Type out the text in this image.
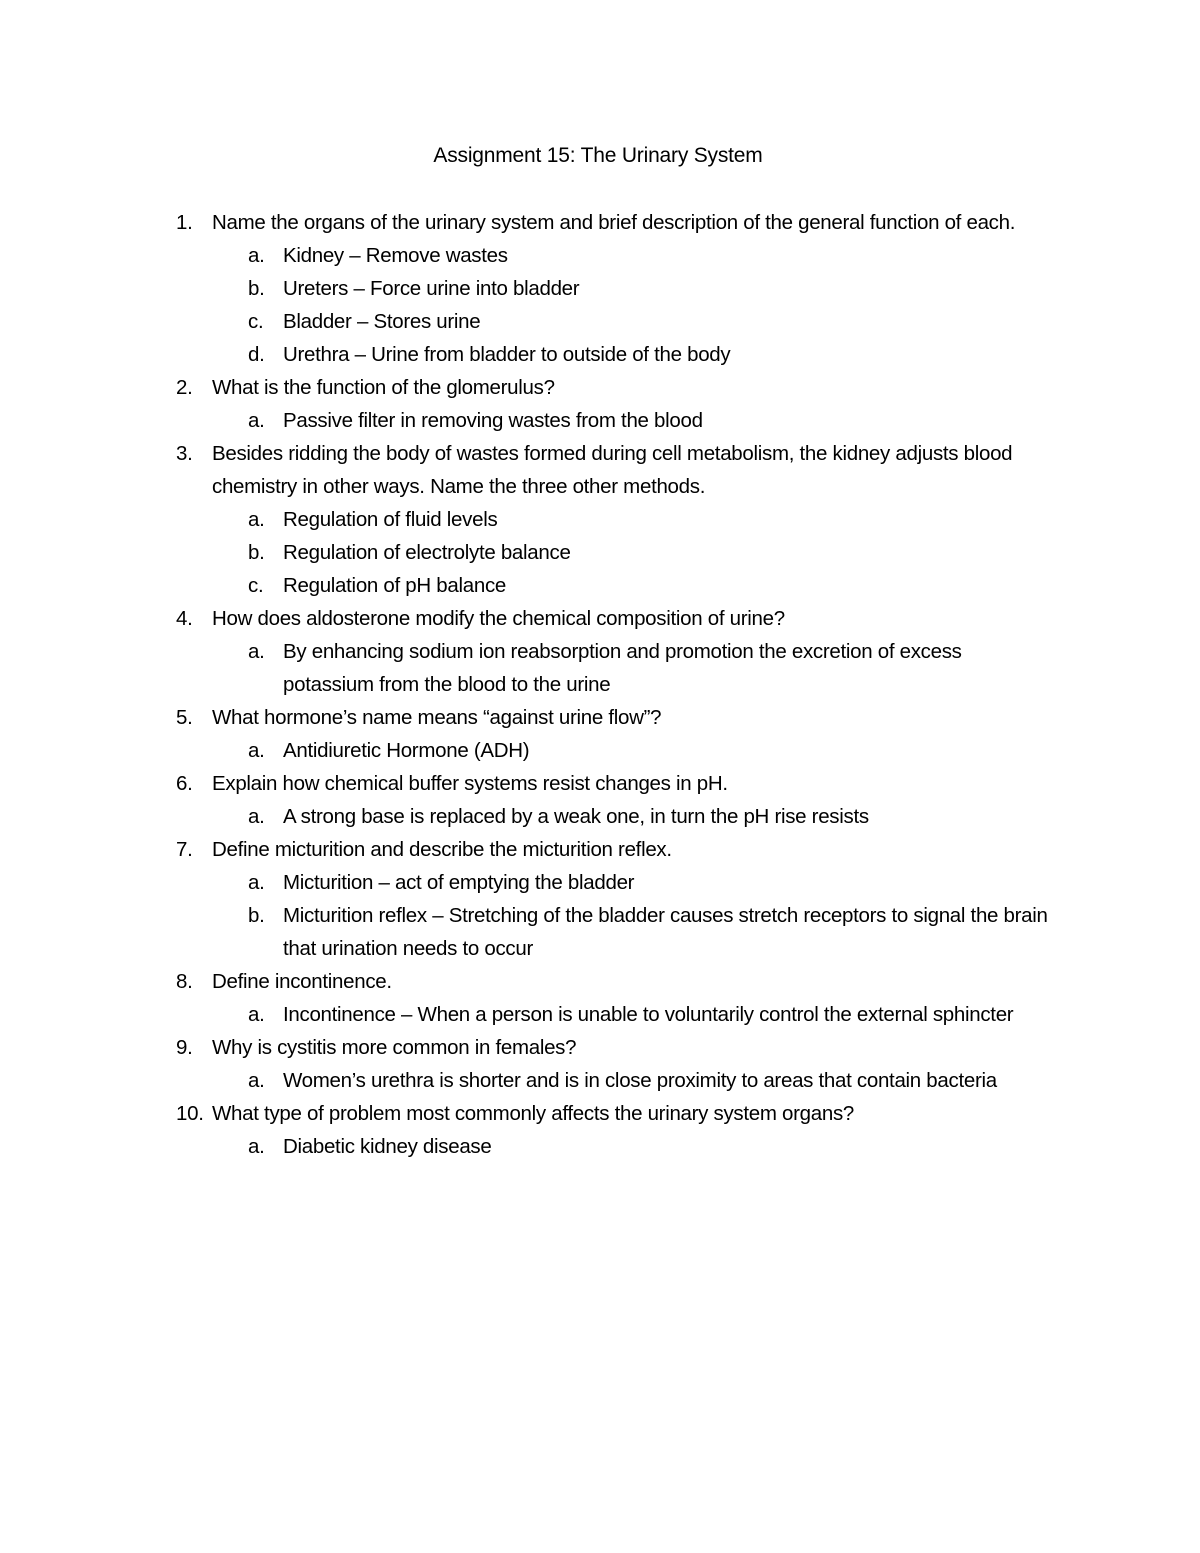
Assignment 15: The Urinary System
1. Name the organs of the urinary system and brief description of the general function of each.
a. Kidney – Remove wastes
b. Ureters – Force urine into bladder
c. Bladder – Stores urine
d. Urethra – Urine from bladder to outside of the body
2. What is the function of the glomerulus?
a. Passive filter in removing wastes from the blood
3. Besides ridding the body of wastes formed during cell metabolism, the kidney adjusts blood chemistry in other ways. Name the three other methods.
a. Regulation of fluid levels
b. Regulation of electrolyte balance
c. Regulation of pH balance
4. How does aldosterone modify the chemical composition of urine?
a. By enhancing sodium ion reabsorption and promotion the excretion of excess potassium from the blood to the urine
5. What hormone’s name means “against urine flow”?
a. Antidiuretic Hormone (ADH)
6. Explain how chemical buffer systems resist changes in pH.
a. A strong base is replaced by a weak one, in turn the pH rise resists
7. Define micturition and describe the micturition reflex.
a. Micturition – act of emptying the bladder
b. Micturition reflex – Stretching of the bladder causes stretch receptors to signal the brain that urination needs to occur
8. Define incontinence.
a. Incontinence – When a person is unable to voluntarily control the external sphincter
9. Why is cystitis more common in females?
a. Women’s urethra is shorter and is in close proximity to areas that contain bacteria
10. What type of problem most commonly affects the urinary system organs?
a. Diabetic kidney disease
